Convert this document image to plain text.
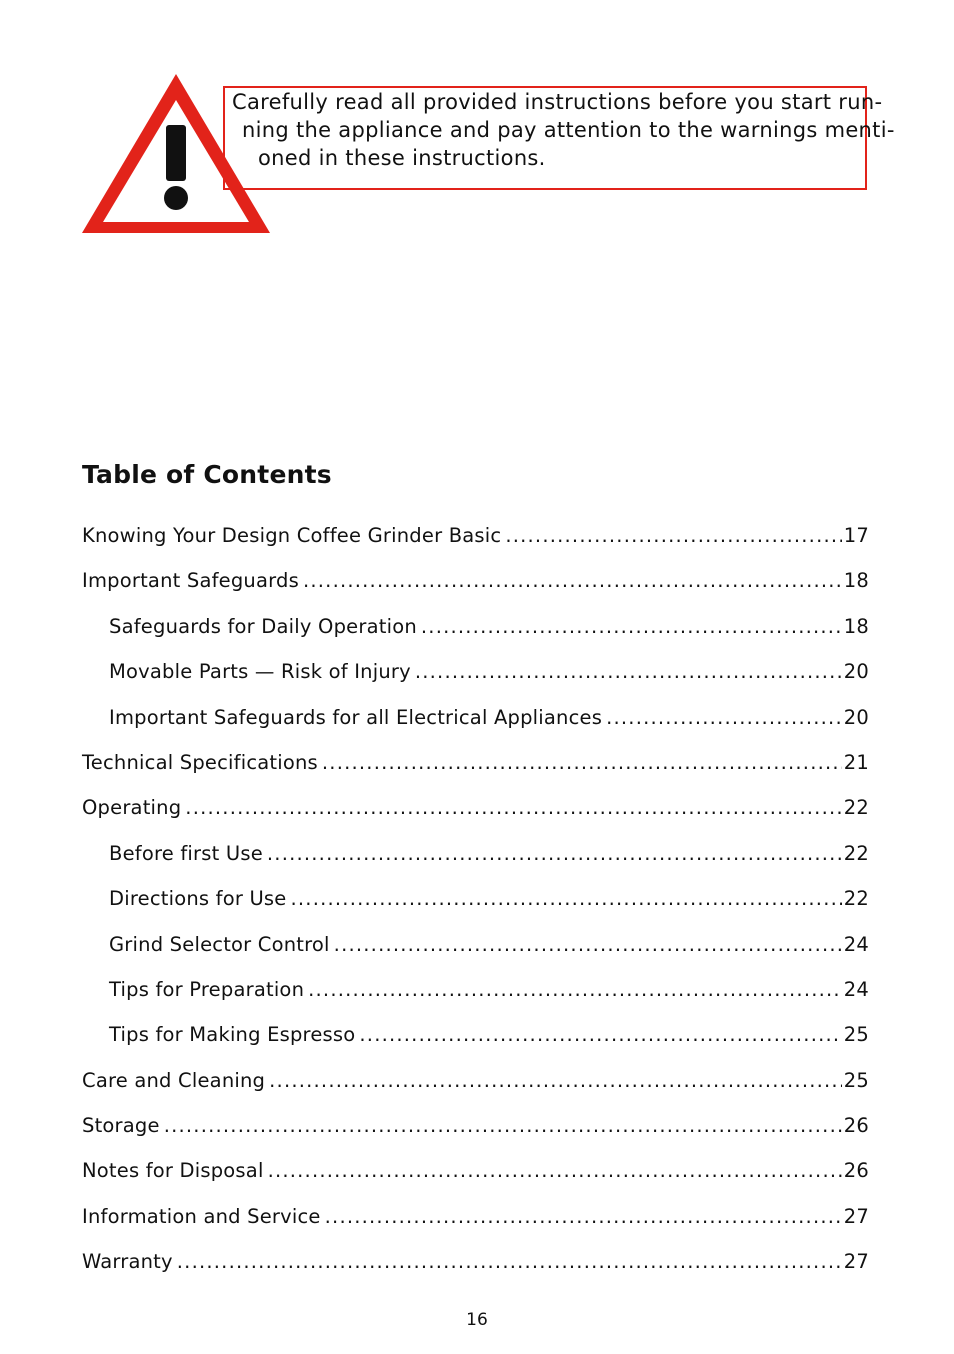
Carefully read all provided instructions before you start run-
ning the appliance and pay attention to the warnings menti-
oned in these instructions.
Table of Contents
Knowing Your Design Coffee Grinder Basic .....	17
Important Safeguards .....	18
Safeguards for Daily Operation .....	18
Movable Parts — Risk of Injury .....	20
Important Safeguards for all Electrical Appliances .....	20
Technical Specifications .....	21
Operating .....	22
Before first Use .....	22
Directions for Use .....	22
Grind Selector Control .....	24
Tips for Preparation .....	24
Tips for Making Espresso .....	25
Care and Cleaning .....	25
Storage .....	26
Notes for Disposal .....	26
Information and Service .....	27
Warranty .....	27
16
